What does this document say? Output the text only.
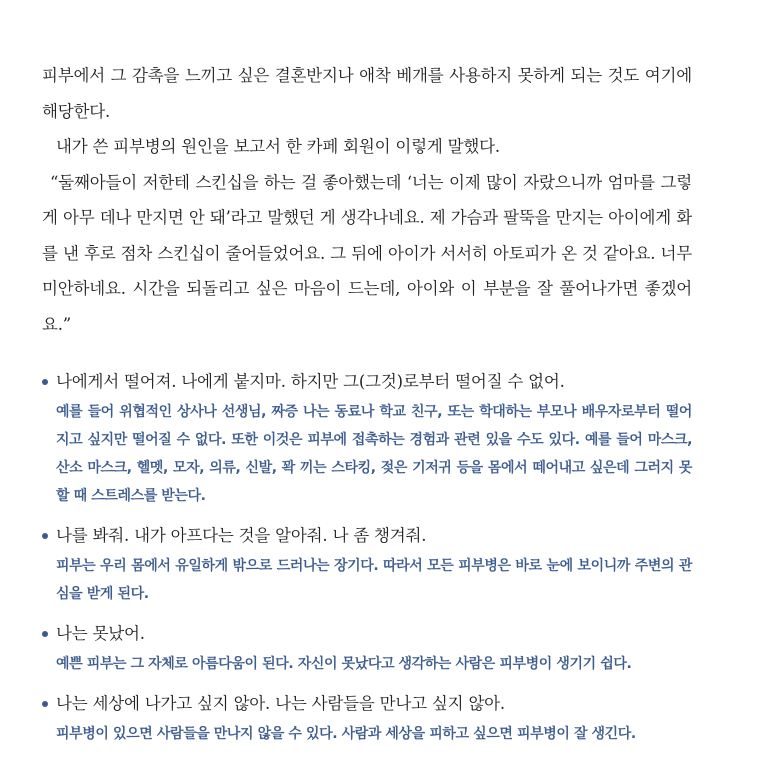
피부에서 그 감촉을 느끼고 싶은 결혼반지나 애착 베개를 사용하지 못하게 되는 것도 여기에 해당한다.

내가 쓴 피부병의 원인을 보고서 한 카페 회원이 이렇게 말했다.

“둘째아들이 저한테 스킨십을 하는 걸 좋아했는데 ‘너는 이제 많이 자랐으니까 엄마를 그렇게 아무 데나 만지면 안 돼’라고 말했던 게 생각나네요. 제 가슴과 팔뚝을 만지는 아이에게 화를 낸 후로 점차 스킨십이 줄어들었어요. 그 뒤에 아이가 서서히 아토피가 온 것 같아요. 너무 미안하네요. 시간을 되돌리고 싶은 마음이 드는데, 아이와 이 부분을 잘 풀어나가면 좋겠어요.”

나에게서 떨어져. 나에게 붙지마. 하지만 그(그것)로부터 떨어질 수 없어.

예를 들어 위협적인 상사나 선생님, 짜증 나는 동료나 학교 친구, 또는 학대하는 부모나 배우자로부터 떨어지고 싶지만 떨어질 수 없다. 또한 이것은 피부에 접촉하는 경험과 관련 있을 수도 있다. 예를 들어 마스크, 산소 마스크, 헬멧, 모자, 의류, 신발, 꽉 끼는 스타킹, 젖은 기저귀 등을 몸에서 떼어내고 싶은데 그러지 못할 때 스트레스를 받는다.

나를 봐줘. 내가 아프다는 것을 알아줘. 나 좀 챙겨줘.

피부는 우리 몸에서 유일하게 밖으로 드러나는 장기다. 따라서 모든 피부병은 바로 눈에 보이니까 주변의 관심을 받게 된다.

나는 못났어.

예쁜 피부는 그 자체로 아름다움이 된다. 자신이 못났다고 생각하는 사람은 피부병이 생기기 쉽다.

나는 세상에 나가고 싶지 않아. 나는 사람들을 만나고 싶지 않아.

피부병이 있으면 사람들을 만나지 않을 수 있다. 사람과 세상을 피하고 싶으면 피부병이 잘 생긴다.
